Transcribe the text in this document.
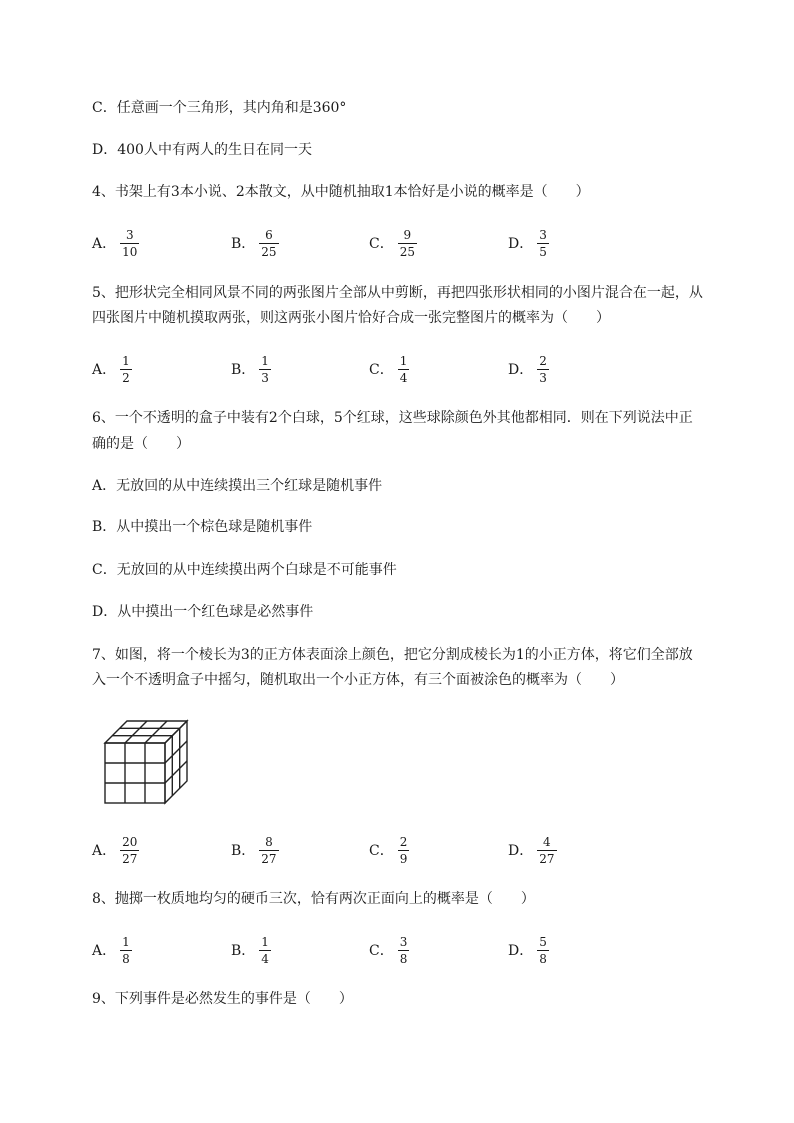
C．任意画一个三角形，其内角和是360°
D．400人中有两人的生日在同一天
4、书架上有3本小说、2本散文，从中随机抽取1本恰好是小说的概率是（　　）
A． $\frac{3}{10}$	B． $\frac{6}{25}$	C． $\frac{9}{25}$	D． $\frac{3}{5}$
5、把形状完全相同风景不同的两张图片全部从中剪断，再把四张形状相同的小图片混合在一起，从
四张图片中随机摸取两张，则这两张小图片恰好合成一张完整图片的概率为（　　）
A． $\frac{1}{2}$	B． $\frac{1}{3}$	C． $\frac{1}{4}$	D． $\frac{2}{3}$
6、一个不透明的盒子中装有2个白球，5个红球，这些球除颜色外其他都相同．则在下列说法中正
确的是（　　）
A．无放回的从中连续摸出三个红球是随机事件
B．从中摸出一个棕色球是随机事件
C．无放回的从中连续摸出两个白球是不可能事件
D．从中摸出一个红色球是必然事件
7、如图，将一个棱长为3的正方体表面涂上颜色，把它分割成棱长为1的小正方体，将它们全部放
入一个不透明盒子中摇匀，随机取出一个小正方体，有三个面被涂色的概率为（　　）
A． $\frac{20}{27}$	B． $\frac{8}{27}$	C． $\frac{2}{9}$	D． $\frac{4}{27}$
8、抛掷一枚质地均匀的硬币三次，恰有两次正面向上的概率是（　　）
A． $\frac{1}{8}$	B． $\frac{1}{4}$	C． $\frac{3}{8}$	D． $\frac{5}{8}$
9、下列事件是必然发生的事件是（　　）
